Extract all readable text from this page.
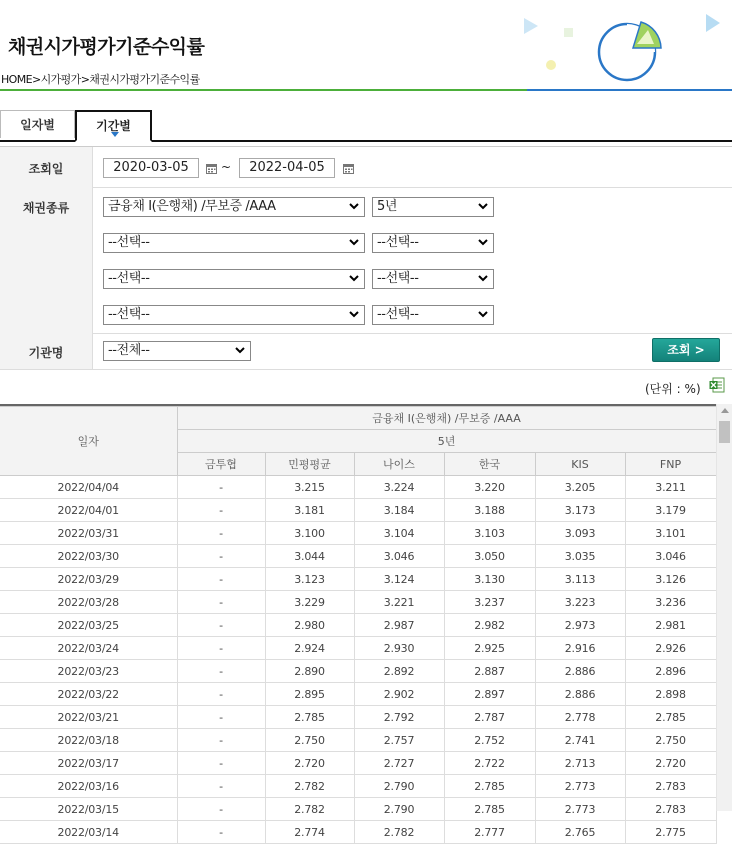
채권시가평가기준수익률
HOME>시가평가>채권시가평가기준수익률
일자별	기간별
조회일	2020-03-05	~	2022-04-05
채권종류	금융채 I(은행채) /무보증 /AAA	5년
--선택--	--선택--
--선택--	--선택--
--선택--	--선택--
기관명	--전체--	조회 >
(단위 : %)
일자	금융채 I(은행채) /무보증 /AAA					
	5년					
	금투협	민평평균	나이스	한국	KIS	FNP
2022/04/04	-	3.215	3.224	3.220	3.205	3.211
2022/04/01	-	3.181	3.184	3.188	3.173	3.179
2022/03/31	-	3.100	3.104	3.103	3.093	3.101
2022/03/30	-	3.044	3.046	3.050	3.035	3.046
2022/03/29	-	3.123	3.124	3.130	3.113	3.126
2022/03/28	-	3.229	3.221	3.237	3.223	3.236
2022/03/25	-	2.980	2.987	2.982	2.973	2.981
2022/03/24	-	2.924	2.930	2.925	2.916	2.926
2022/03/23	-	2.890	2.892	2.887	2.886	2.896
2022/03/22	-	2.895	2.902	2.897	2.886	2.898
2022/03/21	-	2.785	2.792	2.787	2.778	2.785
2022/03/18	-	2.750	2.757	2.752	2.741	2.750
2022/03/17	-	2.720	2.727	2.722	2.713	2.720
2022/03/16	-	2.782	2.790	2.785	2.773	2.783
2022/03/15	-	2.782	2.790	2.785	2.773	2.783
2022/03/14	-	2.774	2.782	2.777	2.765	2.775
